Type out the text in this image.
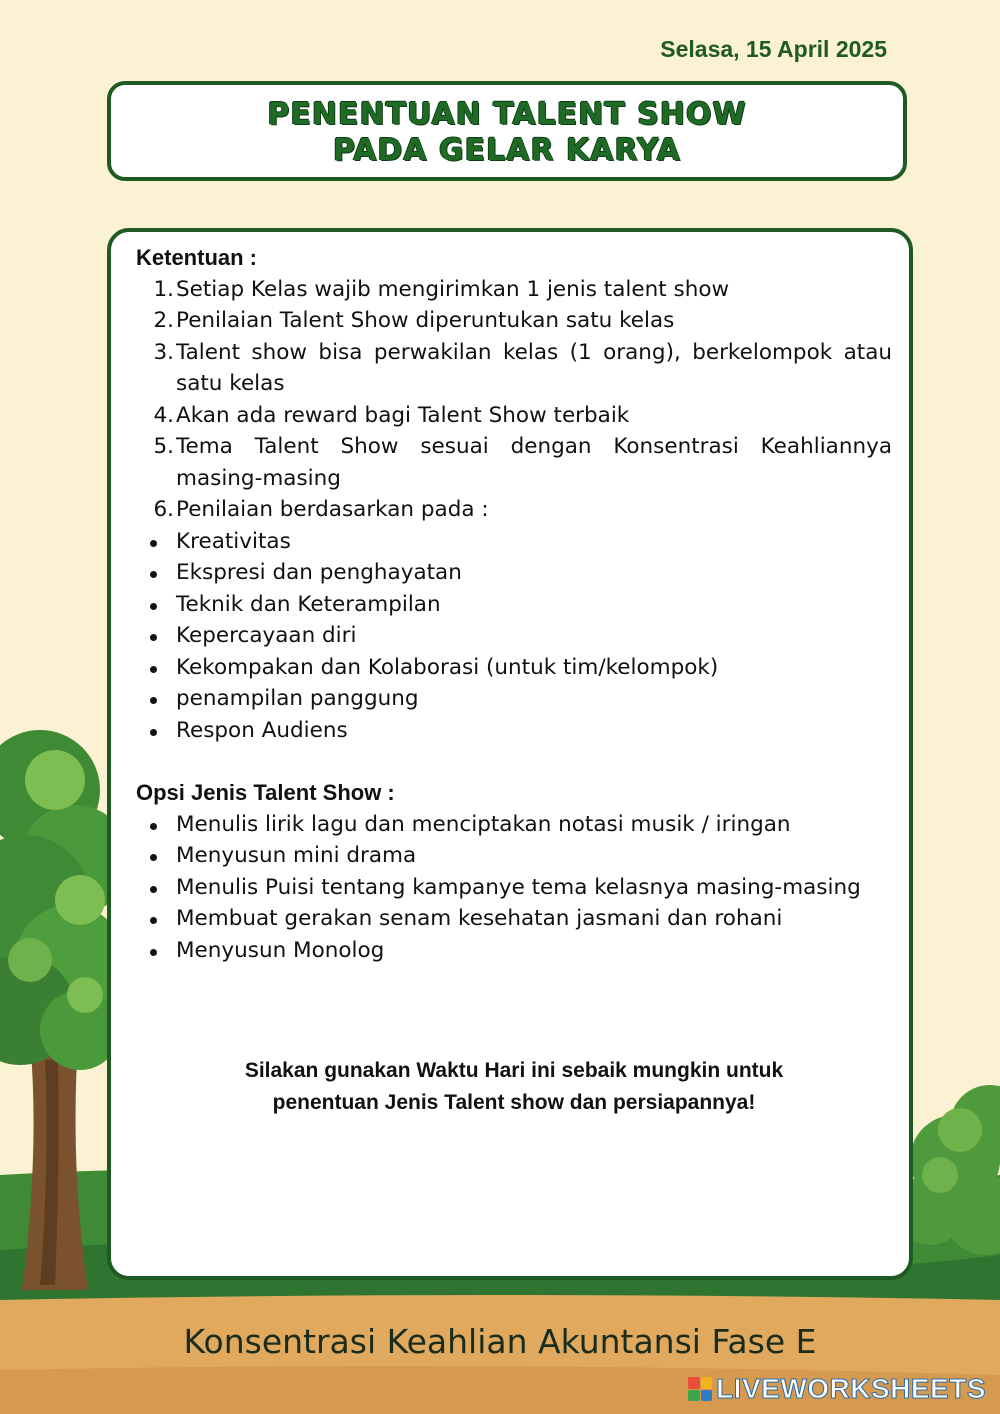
Selasa, 15 April 2025
PENENTUAN TALENT SHOW
PADA GELAR KARYA
Ketentuan :
1. Setiap Kelas wajib mengirimkan 1 jenis talent show
2. Penilaian Talent Show diperuntukan satu kelas
3. Talent show bisa perwakilan kelas (1 orang), berkelompok atau satu kelas
4. Akan ada reward bagi Talent Show terbaik
5. Tema Talent Show sesuai dengan Konsentrasi Keahliannya masing-masing
6. Penilaian berdasarkan pada :
Kreativitas
Ekspresi dan penghayatan
Teknik dan Keterampilan
Kepercayaan diri
Kekompakan dan Kolaborasi (untuk tim/kelompok)
penampilan panggung
Respon Audiens
Opsi Jenis Talent Show :
Menulis lirik lagu dan menciptakan notasi musik / iringan
Menyusun mini drama
Menulis Puisi tentang kampanye tema kelasnya masing-masing
Membuat gerakan senam kesehatan jasmani dan rohani
Menyusun Monolog
Silakan gunakan Waktu Hari ini sebaik mungkin untuk
penentuan Jenis Talent show dan persiapannya!
Konsentrasi Keahlian Akuntansi Fase E
LIVEWORKSHEETS
